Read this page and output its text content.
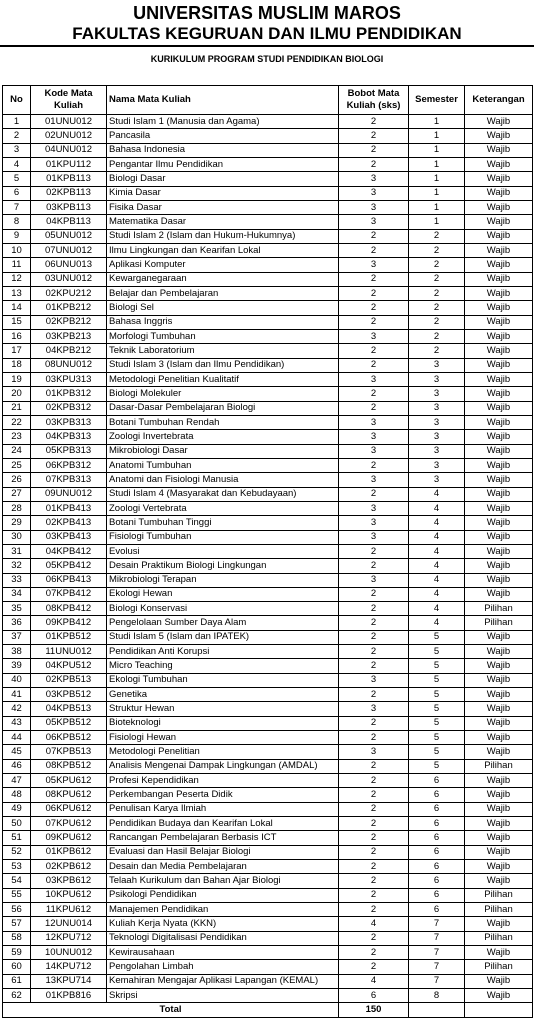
UNIVERSITAS MUSLIM MAROS
FAKULTAS KEGURUAN DAN ILMU PENDIDIKAN
KURIKULUM PROGRAM STUDI PENDIDIKAN BIOLOGI
No	Kode Mata Kuliah	Nama Mata Kuliah	Bobot Mata Kuliah (sks)	Semester	Keterangan
1	01UNU012	Studi Islam 1 (Manusia dan Agama)	2	1	Wajib
2	02UNU012	Pancasila	2	1	Wajib
3	04UNU012	Bahasa Indonesia	2	1	Wajib
4	01KPU112	Pengantar Ilmu Pendidikan	2	1	Wajib
5	01KPB113	Biologi Dasar	3	1	Wajib
6	02KPB113	Kimia Dasar	3	1	Wajib
7	03KPB113	Fisika Dasar	3	1	Wajib
8	04KPB113	Matematika Dasar	3	1	Wajib
9	05UNU012	Studi Islam 2 (Islam dan Hukum-Hukumnya)	2	2	Wajib
10	07UNU012	Ilmu Lingkungan dan Kearifan Lokal	2	2	Wajib
11	06UNU013	Aplikasi Komputer	3	2	Wajib
12	03UNU012	Kewarganegaraan	2	2	Wajib
13	02KPU212	Belajar dan Pembelajaran	2	2	Wajib
14	01KPB212	Biologi Sel	2	2	Wajib
15	02KPB212	Bahasa Inggris	2	2	Wajib
16	03KPB213	Morfologi Tumbuhan	3	2	Wajib
17	04KPB212	Teknik Laboratorium	2	2	Wajib
18	08UNU012	Studi Islam 3 (Islam dan Ilmu Pendidikan)	2	3	Wajib
19	03KPU313	Metodologi Penelitian Kualitatif	3	3	Wajib
20	01KPB312	Biologi Molekuler	2	3	Wajib
21	02KPB312	Dasar-Dasar Pembelajaran Biologi	2	3	Wajib
22	03KPB313	Botani Tumbuhan Rendah	3	3	Wajib
23	04KPB313	Zoologi Invertebrata	3	3	Wajib
24	05KPB313	Mikrobiologi Dasar	3	3	Wajib
25	06KPB312	Anatomi Tumbuhan	2	3	Wajib
26	07KPB313	Anatomi dan Fisiologi Manusia	3	3	Wajib
27	09UNU012	Studi Islam 4 (Masyarakat dan Kebudayaan)	2	4	Wajib
28	01KPB413	Zoologi Vertebrata	3	4	Wajib
29	02KPB413	Botani Tumbuhan Tinggi	3	4	Wajib
30	03KPB413	Fisiologi Tumbuhan	3	4	Wajib
31	04KPB412	Evolusi	2	4	Wajib
32	05KPB412	Desain Praktikum Biologi Lingkungan	2	4	Wajib
33	06KPB413	Mikrobiologi Terapan	3	4	Wajib
34	07KPB412	Ekologi Hewan	2	4	Wajib
35	08KPB412	Biologi Konservasi	2	4	Pilihan
36	09KPB412	Pengelolaan Sumber Daya Alam	2	4	Pilihan
37	01KPB512	Studi Islam 5 (Islam dan IPATEK)	2	5	Wajib
38	11UNU012	Pendidikan Anti Korupsi	2	5	Wajib
39	04KPU512	Micro Teaching	2	5	Wajib
40	02KPB513	Ekologi Tumbuhan	3	5	Wajib
41	03KPB512	Genetika	2	5	Wajib
42	04KPB513	Struktur Hewan	3	5	Wajib
43	05KPB512	Bioteknologi	2	5	Wajib
44	06KPB512	Fisiologi Hewan	2	5	Wajib
45	07KPB513	Metodologi Penelitian	3	5	Wajib
46	08KPB512	Analisis Mengenai Dampak Lingkungan (AMDAL)	2	5	Pilihan
47	05KPU612	Profesi Kependidikan	2	6	Wajib
48	08KPU612	Perkembangan Peserta Didik	2	6	Wajib
49	06KPU612	Penulisan Karya Ilmiah	2	6	Wajib
50	07KPU612	Pendidikan Budaya dan Kearifan Lokal	2	6	Wajib
51	09KPU612	Rancangan Pembelajaran Berbasis ICT	2	6	Wajib
52	01KPB612	Evaluasi dan Hasil Belajar Biologi	2	6	Wajib
53	02KPB612	Desain dan Media Pembelajaran	2	6	Wajib
54	03KPB612	Telaah Kurikulum dan Bahan Ajar Biologi	2	6	Wajib
55	10KPU612	Psikologi Pendidikan	2	6	Pilihan
56	11KPU612	Manajemen Pendidikan	2	6	Pilihan
57	12UNU014	Kuliah Kerja Nyata (KKN)	4	7	Wajib
58	12KPU712	Teknologi Digitalisasi Pendidikan	2	7	Pilihan
59	10UNU012	Kewirausahaan	2	7	Wajib
60	14KPU712	Pengolahan Limbah	2	7	Pilihan
61	13KPU714	Kemahiran Mengajar Aplikasi Lapangan (KEMAL)	4	7	Wajib
62	01KPB816	Skripsi	6	8	Wajib
Total			150		
